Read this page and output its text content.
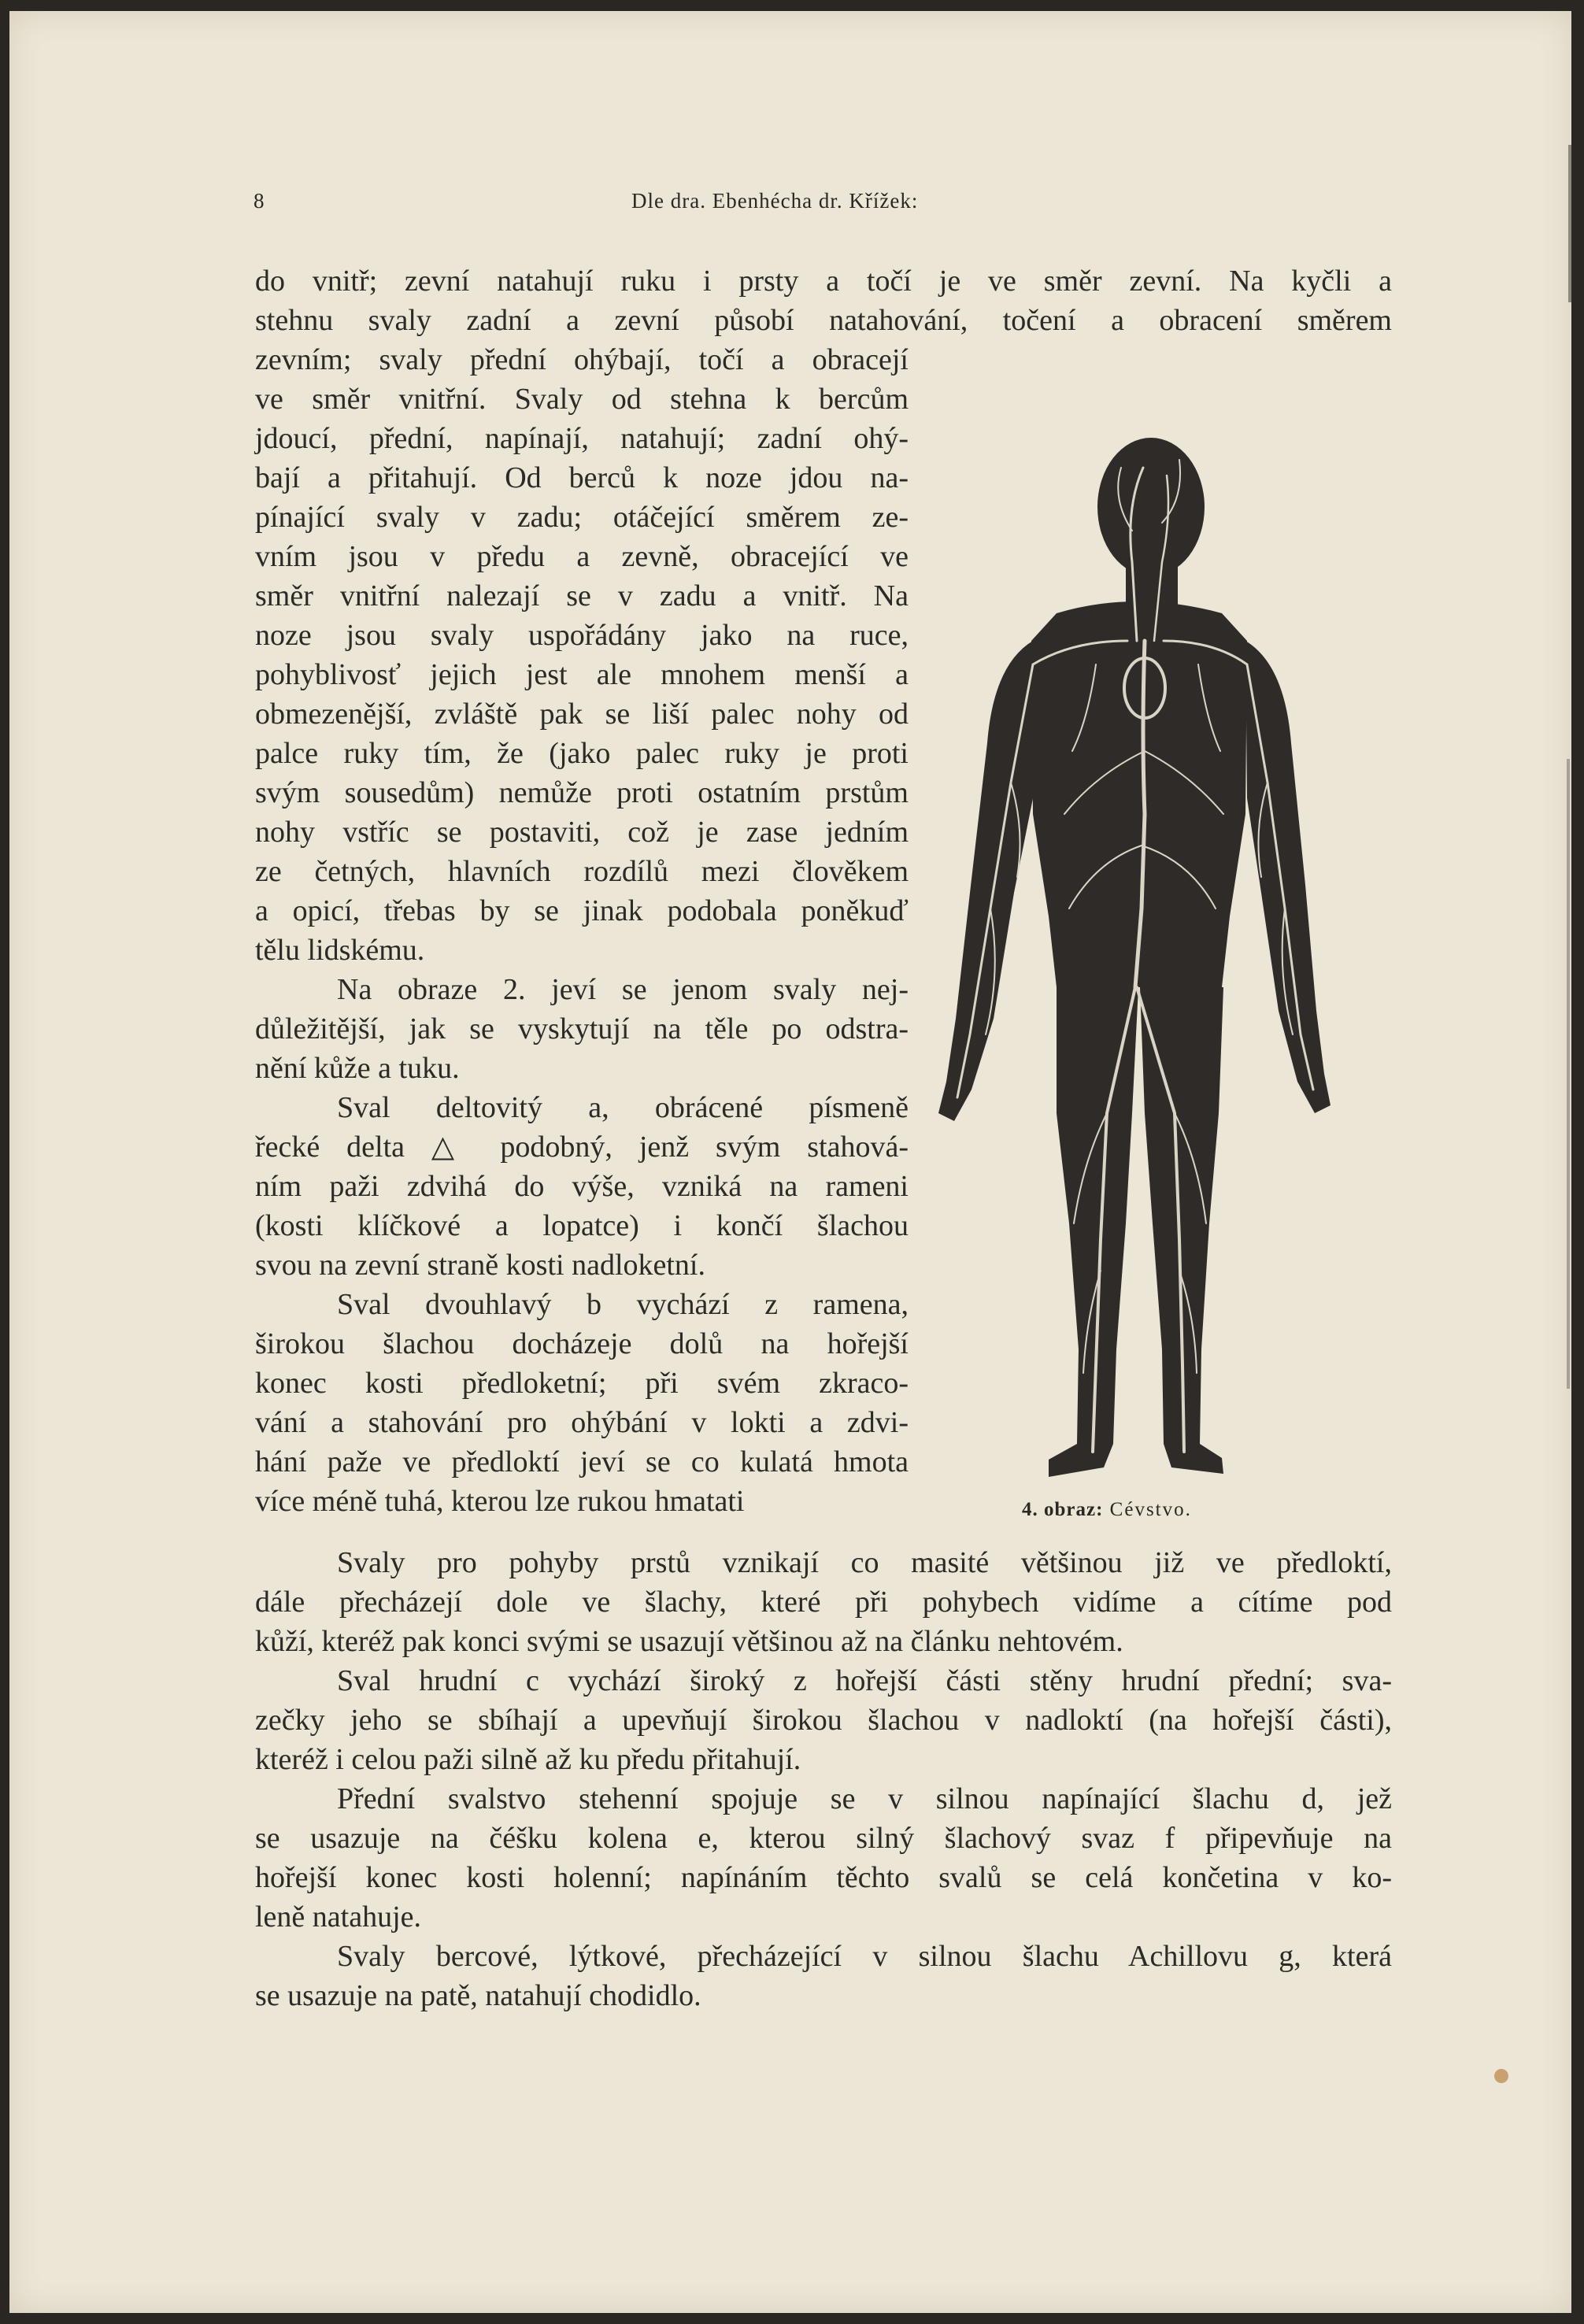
8	Dle dra. Ebenhécha dr. Křížek:
do vnitř; zevní natahují ruku i prsty a točí je ve směr zevní. Na kyčli a
stehnu svaly zadní a zevní působí natahování, točení a obracení směrem
zevním; svaly přední ohýbají, točí a obracejí
ve směr vnitřní. Svaly od stehna k bercům
jdoucí, přední, napínají, natahují; zadní ohý-
bají a přitahují. Od berců k noze jdou na-
pínající svaly v zadu; otáčející směrem ze-
vním jsou v předu a zevně, obracející ve
směr vnitřní nalezají se v zadu a vnitř. Na
noze jsou svaly uspořádány jako na ruce,
pohyblivosť jejich jest ale mnohem menší a
obmezenější, zvláště pak se liší palec nohy od
palce ruky tím, že (jako palec ruky je proti
svým sousedům) nemůže proti ostatním prstům
nohy vstříc se postaviti, což je zase jedním
ze četných, hlavních rozdílů mezi člověkem
a opicí, třebas by se jinak podobala poněkuď
tělu lidskému.
Na obraze 2. jeví se jenom svaly nej-
důležitější, jak se vyskytují na těle po odstra-
nění kůže a tuku.
Sval deltovitý a, obrácené písmeně
řecké delta △ podobný, jenž svým stahová-
ním paži zdvihá do výše, vzniká na rameni
(kosti klíčkové a lopatce) i končí šlachou
svou na zevní straně kosti nadloketní.
Sval dvouhlavý b vychází z ramena,
širokou šlachou docházeje dolů na hořejší
konec kosti předloketní; při svém zkraco-
vání a stahování pro ohýbání v lokti a zdvi-
hání paže ve předloktí jeví se co kulatá hmota
více méně tuhá, kterou lze rukou hmatati	4. obraz: Cévstvo.
Svaly pro pohyby prstů vznikají co masité většinou již ve předloktí,
dále přecházejí dole ve šlachy, které při pohybech vidíme a cítíme pod
kůží, kteréž pak konci svými se usazují většinou až na článku nehtovém.
Sval hrudní c vychází široký z hořejší části stěny hrudní přední; sva-
zečky jeho se sbíhají a upevňují širokou šlachou v nadloktí (na hořejší části),
kteréž i celou paži silně až ku předu přitahují.
Přední svalstvo stehenní spojuje se v silnou napínající šlachu d, jež
se usazuje na čéšku kolena e, kterou silný šlachový svaz f připevňuje na
hořejší konec kosti holenní; napínáním těchto svalů se celá končetina v ko-
leně natahuje.
Svaly bercové, lýtkové, přecházející v silnou šlachu Achillovu g, která
se usazuje na patě, natahují chodidlo.
